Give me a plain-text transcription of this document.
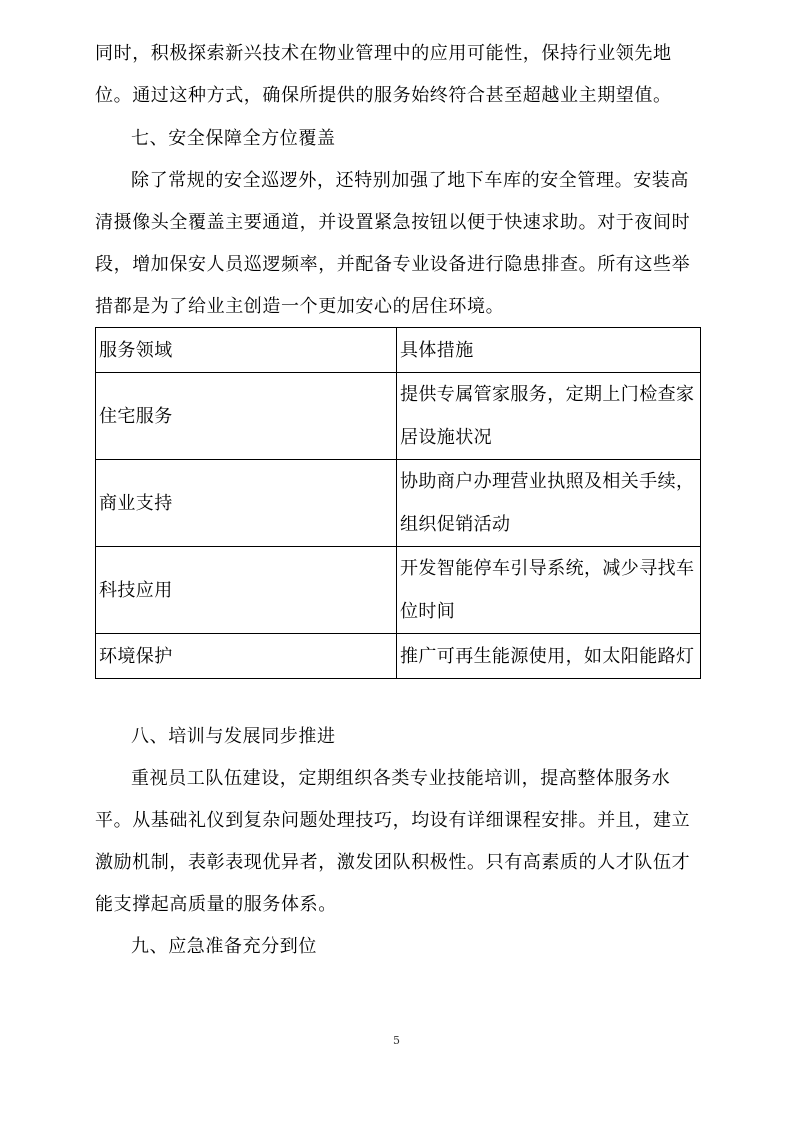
同时，积极探索新兴技术在物业管理中的应用可能性，保持行业领先地
位。通过这种方式，确保所提供的服务始终符合甚至超越业主期望值。
七、安全保障全方位覆盖
除了常规的安全巡逻外，还特别加强了地下车库的安全管理。安装高
清摄像头全覆盖主要通道，并设置紧急按钮以便于快速求助。对于夜间时
段，增加保安人员巡逻频率，并配备专业设备进行隐患排查。所有这些举
措都是为了给业主创造一个更加安心的居住环境。
服务领域	具体措施
住宅服务	提供专属管家服务，定期上门检查家
居设施状况
商业支持	协助商户办理营业执照及相关手续，
组织促销活动
科技应用	开发智能停车引导系统，减少寻找车
位时间
环境保护	推广可再生能源使用，如太阳能路灯
八、培训与发展同步推进
重视员工队伍建设，定期组织各类专业技能培训，提高整体服务水
平。从基础礼仪到复杂问题处理技巧，均设有详细课程安排。并且，建立
激励机制，表彰表现优异者，激发团队积极性。只有高素质的人才队伍才
能支撑起高质量的服务体系。
九、应急准备充分到位
5
